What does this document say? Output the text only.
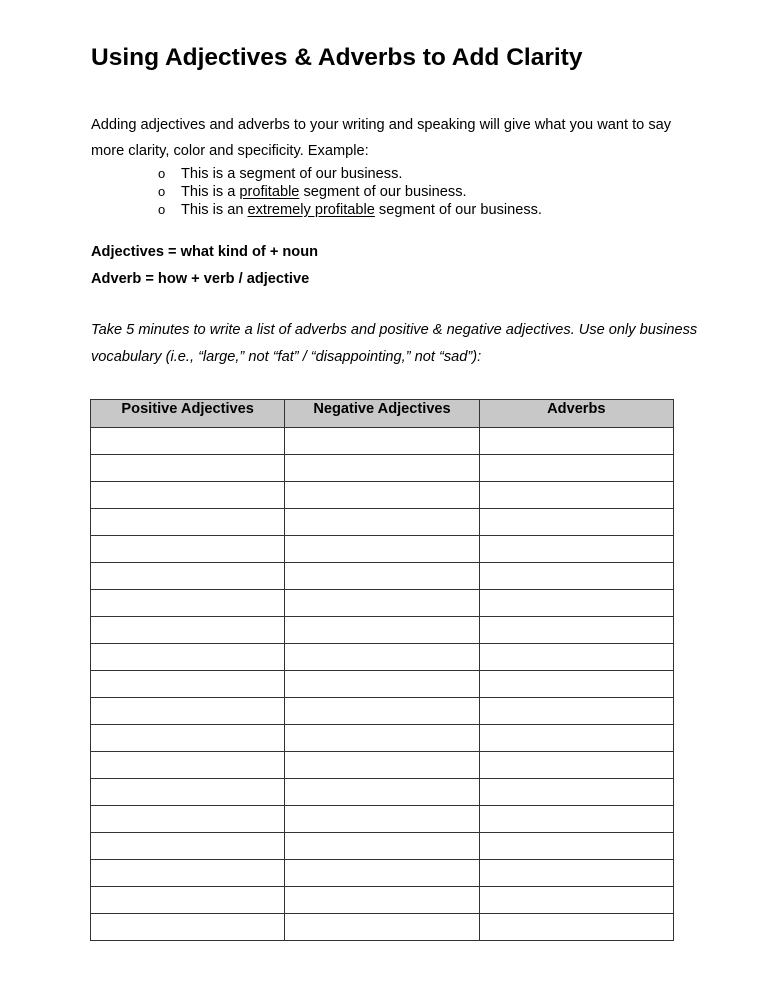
Using Adjectives & Adverbs to Add Clarity
Adding adjectives and adverbs to your writing and speaking will give what you want to say more clarity, color and specificity. Example:
o This is a segment of our business.
o This is a profitable segment of our business.
o This is an extremely profitable segment of our business.
Adjectives = what kind of + noun
Adverb = how + verb / adjective
Take 5 minutes to write a list of adverbs and positive & negative adjectives. Use only business vocabulary (i.e., “large,” not “fat” / “disappointing,” not “sad”):
Positive Adjectives	Negative Adjectives	Adverbs
